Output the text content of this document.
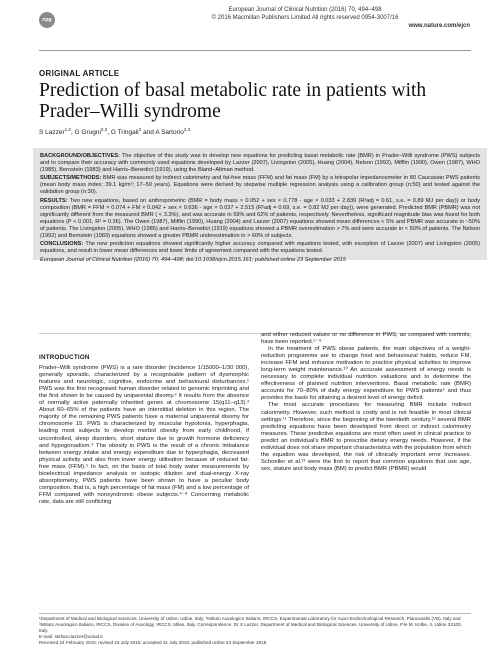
npg
European Journal of Clinical Nutrition (2016) 70, 494–498
© 2016 Macmillan Publishers Limited All rights reserved 0954-3007/16
www.nature.com/ejcn
ORIGINAL ARTICLE
Prediction of basal metabolic rate in patients with Prader–Willi syndrome
S Lazzer$^{1,2}$, G Grugni$^{2,3}$, G Tringali$^2$ and A Sartorio$^{2,3}$

BACKGROUND/OBJECTIVES: The objective of this study was to develop new equations for predicting basal metabolic rate (BMR) in Prader–Willi syndrome (PWS) subjects and to compare their accuracy with commonly used equations developed by Lazzer (2007), Livingston (2005), Huang (2004), Nelson (1992), Mifflin (1990), Owen (1987), WHO (1985), Bernstein (1983) and Harris–Benedict (1919), using the Bland–Altman method.

SUBJECTS/METHODS: BMR was measured by indirect calorimetry and fat-free mass (FFM) and fat mass (FM) by a tetrapolar impedancemeter in 80 Caucasian PWS patients (mean body mass index: 39.1 kg/m²; 17–50 years). Equations were derived by stepwise multiple regression analysis using a calibration group (n:50) and tested against the validation group (n:30).

RESULTS: Two new equations, based on anthropometric (BMR = body mass × 0.052 + sex × 0.778 - age × 0.033 + 2.839 (R²adj = 0.61, s.e. = 0.89 MJ per day)) or body composition (BMR = FFM × 0.074 + FM × 0.042 + sex × 0.636 - age × 0.037 + 2.515 (R²adj = 0.69, s.e. = 0.82 MJ per day)), were generated. Predicted BMR (PBMR) was not significantly different from the measured BMR ( < 3.3%), and was accurate in 59% and 62% of patients, respectively. Nevertheless, significant magnitude bias was found for both equations (P < 0.001, R² = 0.36). The Owen (1987), Mifflin (1990), Huang (2004) and Lazzer (2007) equations showed mean differences < 5% and PBMR was accurate in ~50% of patients. The Livingston (2005), WHO (1985) and Harris–Benedict (1919) equations showed a PBMR overestimation > 7% and were accurate in < 50% of patients. The Nelson (1992) and Bernstein (1983) equations showed a greater PBMR underestimation in > 60% of subjects.

CONCLUSIONS: The new prediction equations showed significantly higher accuracy compared with equations tested, with exception of Lazzer (2007) and Livingston (2005) equations, and result in lower mean differences and lower limits of agreement compared with the equations tested.

European Journal of Clinical Nutrition (2016) 70, 494–498; doi:10.1038/ejcn.2015.161; published online 23 September 2015
INTRODUCTION

Prader–Willi syndrome (PWS) is a rare disorder (incidence 1/15000–1/30 000), generally sporadic, characterized by a recognisable pattern of dysmorphic features and neurologic, cognitive, endocrine and behavioural disturbances.¹ PWS was the first recognised human disorder related to genomic imprinting and the first shown to be caused by uniparental disomy.² It results from the absence of normally active paternally inherited genes at chromosome 15(q11–q13).³ About 60–65% of the patients have an interstitial deletion in this region. The majority of the remaining PWS patients have a maternal uniparental disomy for chromosome 15. PWS is characterized by muscular hypotonia, hyperphagia, leading most subjects to develop morbid obesity from early childhood, if uncontrolled, sleep disorders, short stature due to growth hormone deficiency and hypogonadism.⁴ The obesity in PWS is the result of a chronic imbalance between energy intake and energy expenditure due to hyperphagia, decreased physical activity and also from lower energy utilisation because of reduced fat-free mass (FFM).⁵ In fact, on the basis of total body water measurements by bioelectrical impedance analysis or isotopic dilution and dual-energy X-ray absorptiometry, PWS patients have been shown to have a peculiar body composition, that is, a high percentage of fat mass (FM) and a low percentage of FFM compared with nonsyndromic obese subjects.⁶⁻⁸ Concerning metabolic rate, data are still conflicting

and either reduced values or no difference in PWS, as compared with controls, have been reported.⁵⁻⁹

In the treatment of PWS obese patients, the main objectives of a weight-reduction programme are to change food and behavioural habits, reduce FM, increase FFM and enhance motivation to practice physical activities to improve long-term weight maintenance.¹⁰ An accurate assessment of energy needs is necessary to complete individual nutrition valuations and to determine the effectiveness of planned nutrition interventions. Basal metabolic rate (BMR) accounts for 70–80% of daily energy expenditure for PWS patients⁵ and thus provides the basis for attaining a desired level of energy deficit.

The most accurate procedures for measuring BMR include indirect calorimetry. However, such method is costly and is not feasible in most clinical settings.¹¹ Therefore, since the beginning of the twentieth century,¹² several BMR predicting equations have been developed from direct or indirect calorimetry measures. These predictive equations are most often used in clinical practice to predict an individual's BMR to prescribe dietary energy needs. However, if the individual does not share important characteristics with the population from which the equation was developed, the risk of clinically important error increases. Schoeller et al.¹³ were the first to report that common equations that use age, sex, stature and body mass (BM) to predict BMR (PBMR) would

¹Department of Medical and Biological Sciences, University of Udine, Udine, Italy; ²Istituto Auxologico Italiano, IRCCS, Experimental Laboratory for Auxo-Endocrinological Research, Piancavallo (VB), Italy and ³Istituto Auxologico Italiano, IRCCS, Division of Auxology, IRCCS, Milan, Italy. Correspondence: Dr S Lazzer, Department of Medical and Biological Sciences, University of Udine, P.le M. Kolbe, 4, Udine 33100, Italy.
E-mail: stefano.lazzer@uniud.it
Received 24 February 2015; revised 23 July 2015; accepted 31 July 2015; published online 23 September 2015
